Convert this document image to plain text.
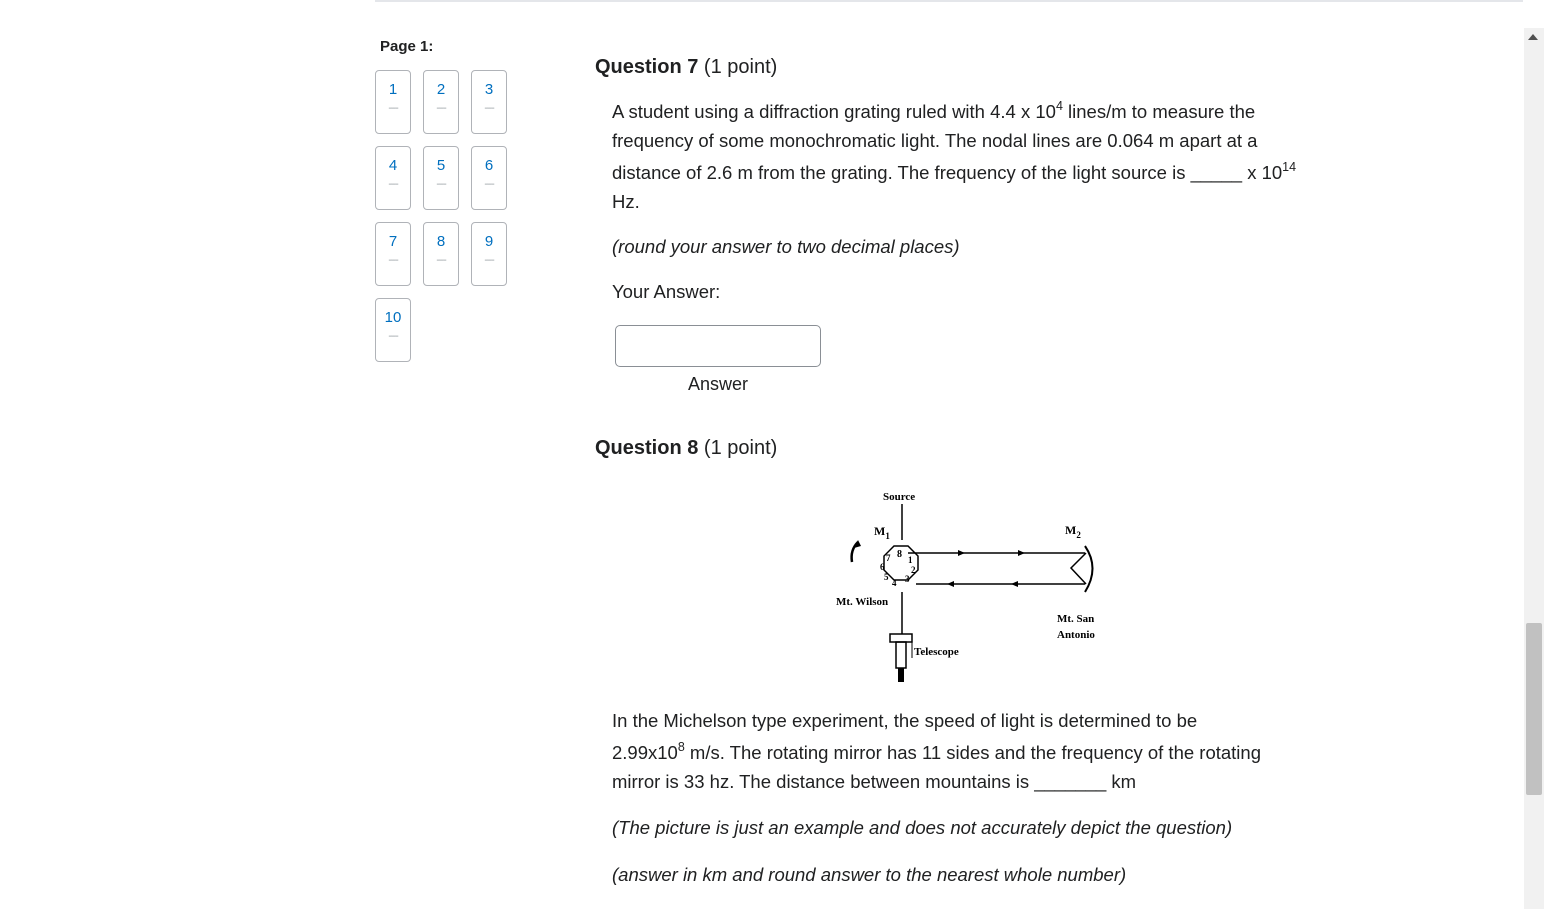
Page 1:
1
----
2
----
3
----
4
----
5
----
6
----
7
----
8
----
9
----
10
----
Question 7 (1 point)
A student using a diffraction grating ruled with 4.4 x $10^4$ lines/m to measure the
frequency of some monochromatic light. The nodal lines are 0.064 m apart at a
distance of 2.6 m from the grating. The frequency of the light source is _____ x $10^{14}$
Hz.
(round your answer to two decimal places)
Your Answer:
Answer
Question 8 (1 point)
8 1
2
3
4
5
6
7
Source
$M_1$	$M_2$
Mt. Wilson
Mt. San
Antonio
Telescope
In the Michelson type experiment, the speed of light is determined to be
$2.99x10^8$ m/s. The rotating mirror has 11 sides and the frequency of the rotating
mirror is 33 hz. The distance between mountains is _______ km
(The picture is just an example and does not accurately depict the question)
(answer in km and round answer to the nearest whole number)
